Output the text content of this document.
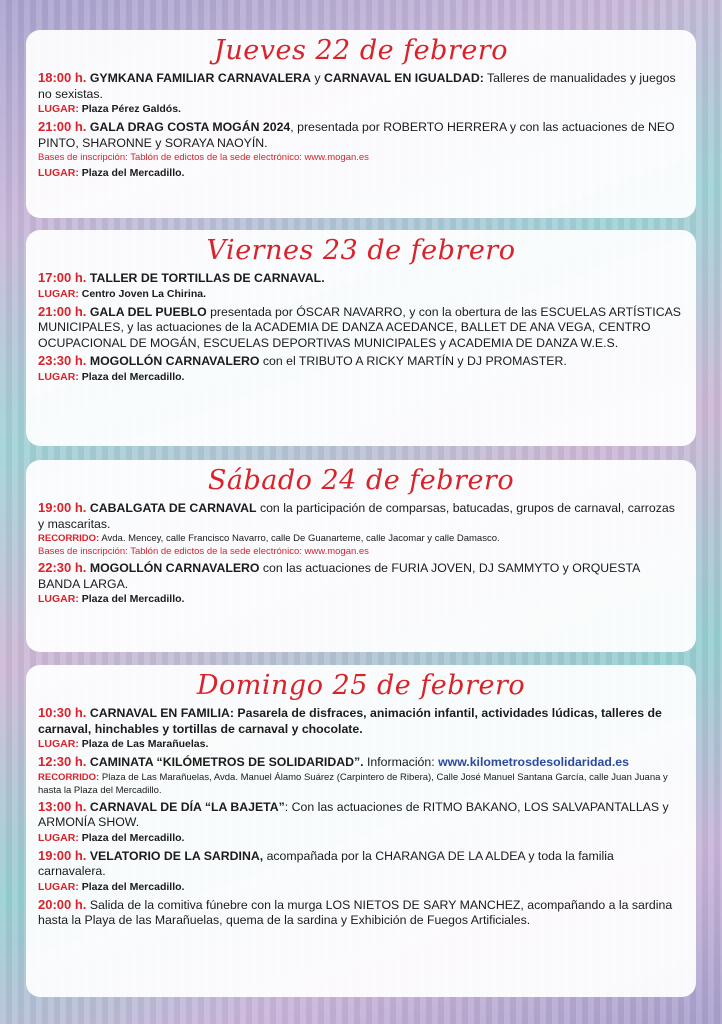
Jueves 22 de febrero

18:00 h. GYMKANA FAMILIAR CARNAVALERA y CARNAVAL EN IGUALDAD: Talleres de manualidades y juegos no sexistas.

LUGAR: Plaza Pérez Galdós.

21:00 h. GALA DRAG COSTA MOGÁN 2024, presentada por ROBERTO HERRERA y con las actuaciones de NEO PINTO, SHARONNE y SORAYA NAOYÍN.

Bases de inscripción: Tablón de edictos de la sede electrónico: www.mogan.es

LUGAR: Plaza del Mercadillo.

Viernes 23 de febrero

17:00 h. TALLER DE TORTILLAS DE CARNAVAL.

LUGAR: Centro Joven La Chirina.

21:00 h. GALA DEL PUEBLO presentada por ÓSCAR NAVARRO, y con la obertura de las ESCUELAS ARTÍSTICAS MUNICIPALES, y las actuaciones de la ACADEMIA DE DANZA ACEDANCE, BALLET DE ANA VEGA, CENTRO OCUPACIONAL DE MOGÁN, ESCUELAS DEPORTIVAS MUNICIPALES y ACADEMIA DE DANZA W.E.S.

23:30 h. MOGOLLÓN CARNAVALERO con el TRIBUTO A RICKY MARTÍN y DJ PROMASTER.

LUGAR: Plaza del Mercadillo.

Sábado 24 de febrero

19:00 h. CABALGATA DE CARNAVAL con la participación de comparsas, batucadas, grupos de carnaval, carrozas y mascaritas.

RECORRIDO: Avda. Mencey, calle Francisco Navarro, calle De Guanarteme, calle Jacomar y calle Damasco.

Bases de inscripción: Tablón de edictos de la sede electrónico: www.mogan.es

22:30 h. MOGOLLÓN CARNAVALERO con las actuaciones de FURIA JOVEN, DJ SAMMYTO y ORQUESTA BANDA LARGA.

LUGAR: Plaza del Mercadillo.

Domingo 25 de febrero

10:30 h. CARNAVAL EN FAMILIA: Pasarela de disfraces, animación infantil, actividades lúdicas, talleres de carnaval, hinchables y tortillas de carnaval y chocolate.

LUGAR: Plaza de Las Marañuelas.

12:30 h. CAMINATA “KILÓMETROS DE SOLIDARIDAD”. Información: www.kilometrosdesolidaridad.es

RECORRIDO: Plaza de Las Marañuelas, Avda. Manuel Álamo Suárez (Carpintero de Ribera), Calle José Manuel Santana García, calle Juan Juana y hasta la Plaza del Mercadillo.

13:00 h. CARNAVAL DE DÍA “LA BAJETA”: Con las actuaciones de RITMO BAKANO, LOS SALVAPANTALLAS y ARMONÍA SHOW.

LUGAR: Plaza del Mercadillo.

19:00 h. VELATORIO DE LA SARDINA, acompañada por la CHARANGA DE LA ALDEA y toda la familia carnavalera.

LUGAR: Plaza del Mercadillo.

20:00 h. Salida de la comitiva fúnebre con la murga LOS NIETOS DE SARY MANCHEZ, acompañando a la sardina hasta la Playa de las Marañuelas, quema de la sardina y Exhibición de Fuegos Artificiales.
